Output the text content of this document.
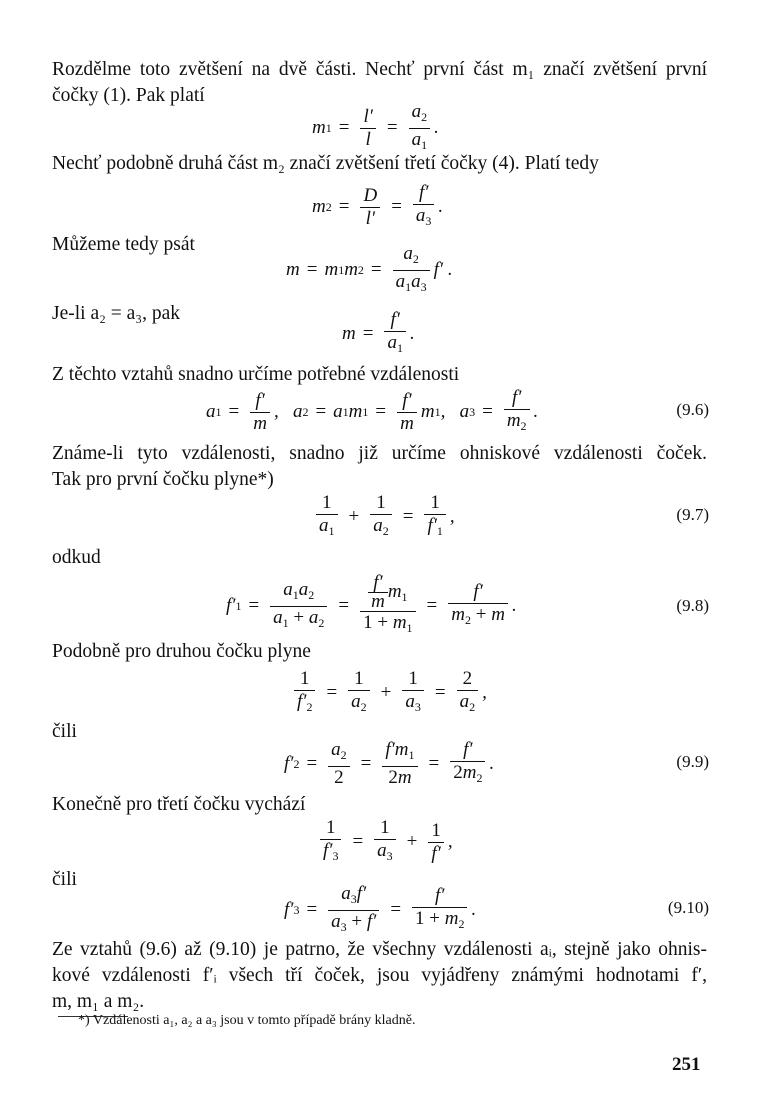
Rozdělme toto zvětšení na dvě části. Nechť první část m₁ značí zvětšení první
čočky (1). Pak platí
m $1 = \frac{l'}{l} = \frac{a_2}{a_1}$ .
Nechť podobně druhá část m₂ značí zvětšení třetí čočky (4). Platí tedy
m $2 = \frac{D}{l'} = \frac{f'}{a_3}$ .
Můžeme tedy psát
m = m 1 m $2 = \frac{a_2}{a_1a_3} f'$ .
Je-li a₂ = a₃, pak
$m = \frac{f'}{a_1}$ .
Z těchto vztahů snadno určíme potřebné vzdálenosti
a $1 = \frac{f'}{m}$ ,   a 2 = a 1 m $1 = \frac{f'}{m}$ m 1 ,   a $3 = \frac{f'}{m_2}$ .	(9.6)
Známe-li tyto vzdálenosti, snadno již určíme ohniskové vzdálenosti čoček.
Tak pro první čočku plyne*)
$\frac{1}{a_1} + \frac{1}{a_2} = \frac{1}{f'_1}$ ,	(9.7)
odkud
f′ $1 = \frac{a_1a_2}{a_1 + a_2} = \frac{\frac{f'}{m} m_1}{1 + m_1} = \frac{f'}{m_2 + m}$ .	(9.8)
Podobně pro druhou čočku plyne
$\frac{1}{f'_2} = \frac{1}{a_2} + \frac{1}{a_3} = \frac{2}{a_2}$ ,
čili
f′ $2 = \frac{a_2}{2} = \frac{f'm_1}{2m} = \frac{f'}{2m_2}$ .	(9.9)
Konečně pro třetí čočku vychází
$\frac{1}{f'_3} = \frac{1}{a_3} + \frac{1}{f'}$ ,
čili
f′ $3 = \frac{a_3f'}{a_3 + f'} = \frac{f'}{1 + m_2}$ .	(9.10)
Ze vztahů (9.6) až (9.10) je patrno, že všechny vzdálenosti aᵢ, stejně jako ohnis-
kové vzdálenosti f′ᵢ všech tří čoček, jsou vyjádřeny známými hodnotami f′,
m, m₁ a m₂.
*) Vzdálenosti a₁, a₂ a a₃ jsou v tomto případě brány kladně.
251
